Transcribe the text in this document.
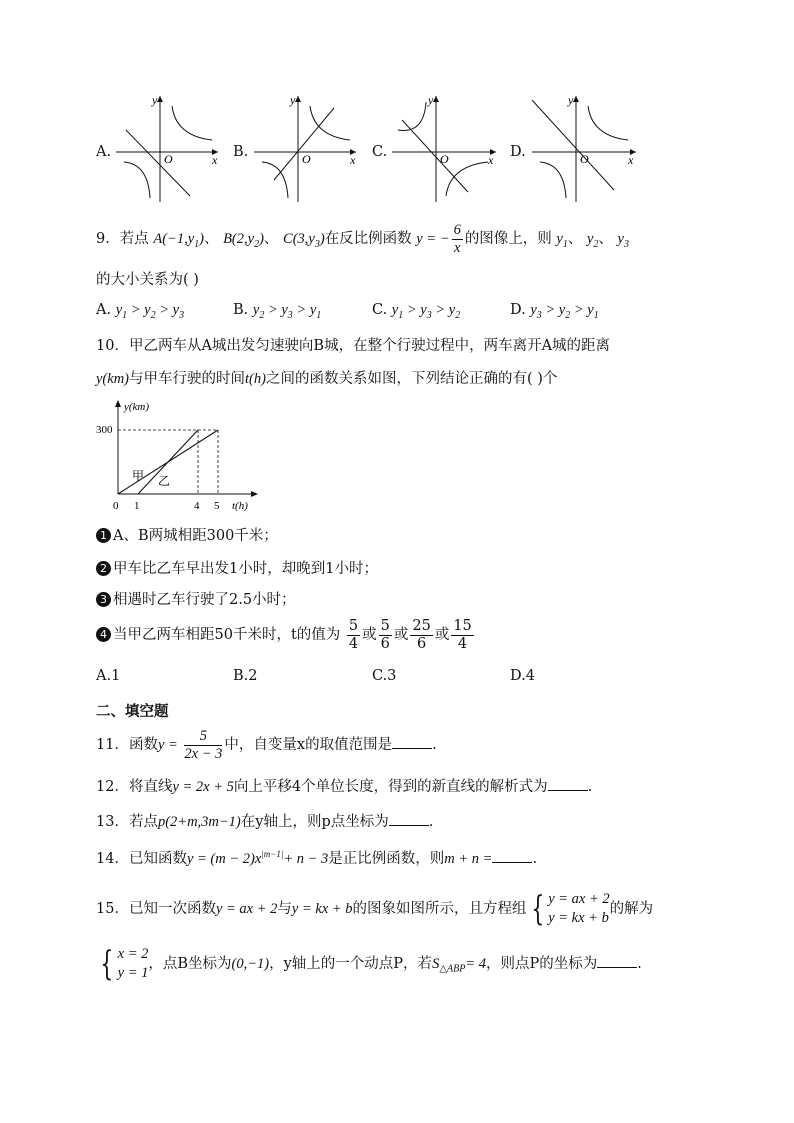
A.
y
x
O	B.
y
x
O	C.
y
x
O	D.
y
x
O
9．若点 $A(-1,y_1)$、 $B(2,y_2)$、 $C(3,y_3)$在反比例函数 y = − $\frac{6}{x}$ 的图像上，则 $y_1$、 $y_2$、 $y_3$
的大小关系为( )
A. $y_1 > y_2 > y_3$	B. $y_2 > y_3 > y_1$	C. $y_1 > y_3 > y_2$	D. $y_3 > y_2 > y_1$
10．甲乙两车从A城出发匀速驶向B城，在整个行驶过程中，两车离开A城的距离
y(km)与甲车行驶的时间t(h)之间的函数关系如图，下列结论正确的有( )个
y(km)
t(h)
300
0 1	4 5
甲 乙
1 A、B两城相距300千米；
2 甲车比乙车早出发1小时，却晚到1小时；
3 相遇时乙车行驶了2.5小时；
4 当甲乙两车相距50千米时，t的值为 $\frac{5}{4}$ 或 $\frac{5}{6}$ 或 $\frac{25}{6}$ 或 $\frac{15}{4}$
A.1	B.2	C.3	D.4
二、填空题
11．函数$y = \frac{5}{2x - 3}$ 中，自变量x的取值范围是	.
12．将直线y = 2x + 5向上平移4个单位长度，得到的新直线的解析式为	.
13．若点p(2+m,3m−1)在y轴上，则p点坐标为	.
14．已知函数$y = (m - 2)x^{|m-1|}+ n - 3$是正比例函数，则m + n =	.
15．已知一次函数y = ax + 2与y = kx + b的图象如图所示，且方程组 { y = ax + 2
y = kx + b的解为
{ x = 2
y = 1，点B坐标为(0,−1)，y轴上的一个动点P，若$S_{\triangle ABP}= 4$，则点P的坐标为	.
